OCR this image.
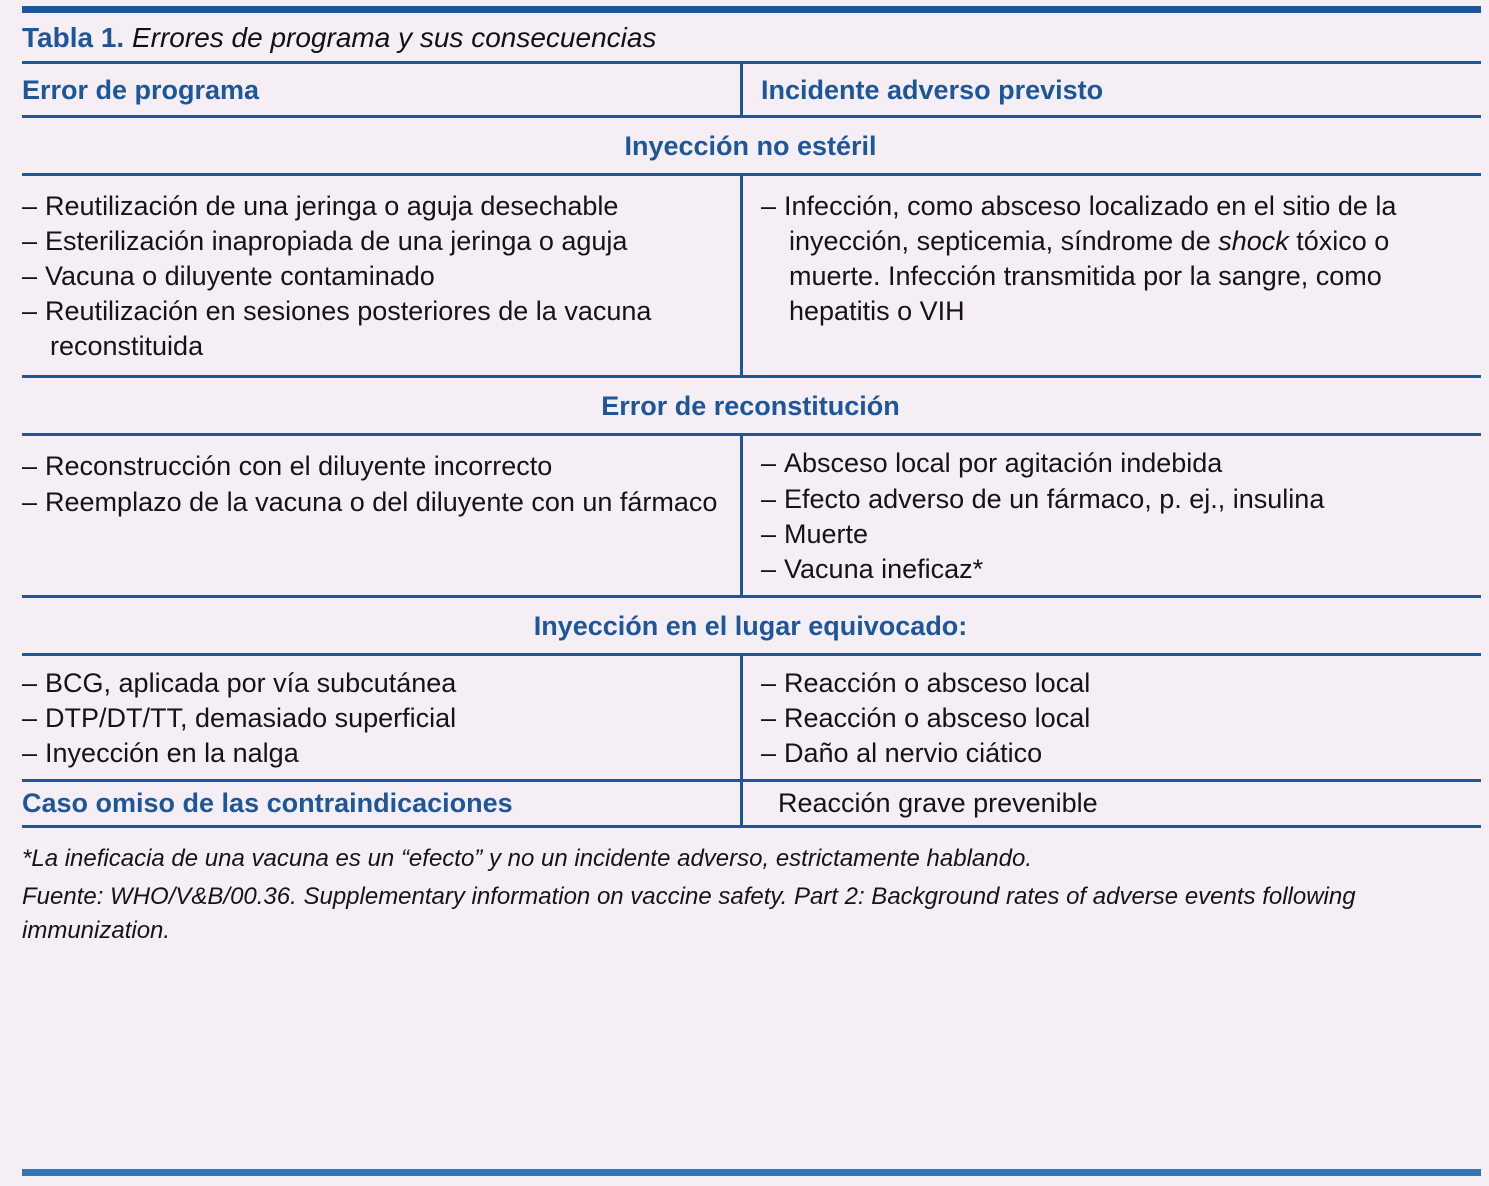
Tabla 1. Errores de programa y sus consecuencias
Error de programa	Incidente adverso previsto
Inyección no estéril
– Reutilización de una jeringa o aguja desechable
– Esterilización inapropiada de una jeringa o aguja
– Vacuna o diluyente contaminado
– Reutilización en sesiones posteriores de la vacuna reconstituida
– Infección, como absceso localizado en el sitio de la inyección, septicemia, síndrome de shock tóxico o muerte. Infección transmitida por la sangre, como hepatitis o VIH
Error de reconstitución
– Reconstrucción con el diluyente incorrecto
– Reemplazo de la vacuna o del diluyente con un fármaco
– Absceso local por agitación indebida
– Efecto adverso de un fármaco, p. ej., insulina
– Muerte
– Vacuna ineficaz*
Inyección en el lugar equivocado:
– BCG, aplicada por vía subcutánea
– DTP/DT/TT, demasiado superficial
– Inyección en la nalga
– Reacción o absceso local
– Reacción o absceso local
– Daño al nervio ciático
Caso omiso de las contraindicaciones	Reacción grave prevenible

*La ineficacia de una vacuna es un “efecto” y no un incidente adverso, estrictamente hablando.

Fuente: WHO/V&B/00.36. Supplementary information on vaccine safety. Part 2: Background rates of adverse events following immunization.
